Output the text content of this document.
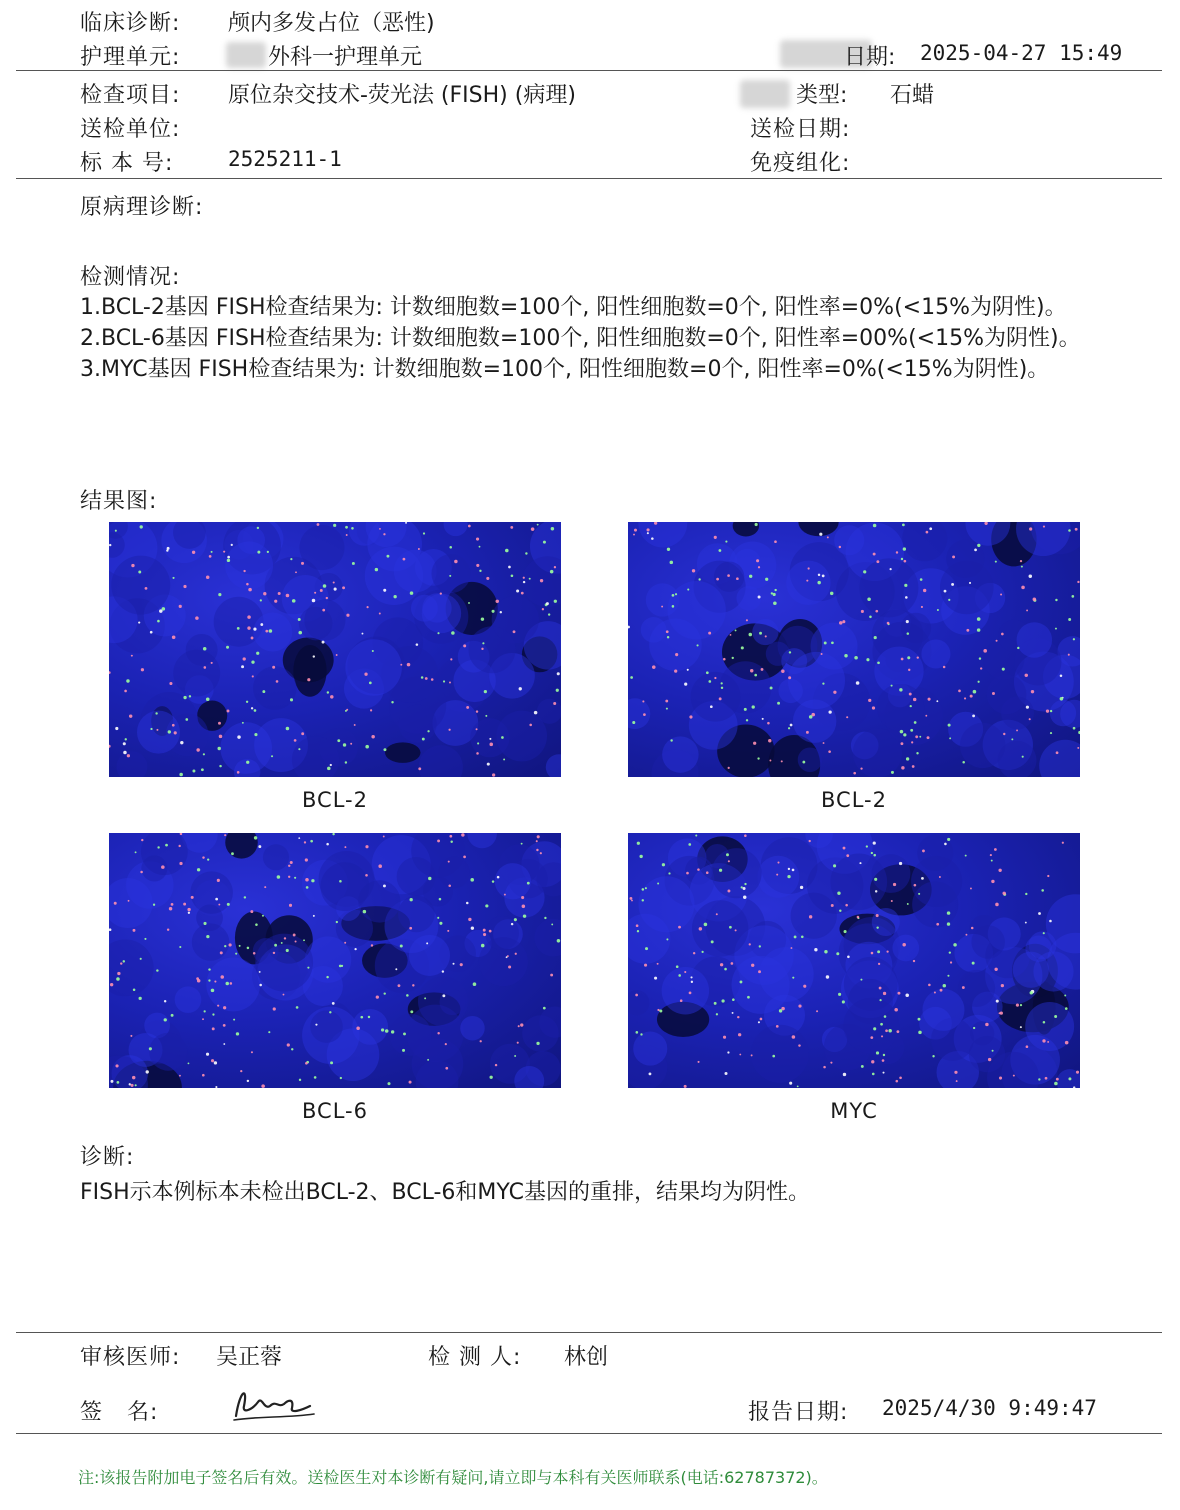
临床诊断: 颅内多发占位（恶性)
护理单元:	外科一护理单元	日期: 2025-04-27 15:49
检查项目: 原位杂交技术-荧光法 (FISH) (病理)	类型: 石蜡
送检单位:	送检日期:
标 本 号:	2525211-1	免疫组化:
原病理诊断:
检测情况:

1.BCL-2基因 FISH检查结果为: 计数细胞数=100个, 阳性细胞数=0个, 阳性率=0%(<15%为阴性)。

2.BCL-6基因 FISH检查结果为: 计数细胞数=100个, 阳性细胞数=0个, 阳性率=00%(<15%为阴性)。

3.MYC基因 FISH检查结果为: 计数细胞数=100个, 阳性细胞数=0个, 阳性率=0%(<15%为阴性)。

结果图:
BCL-2	BCL-2
BCL-6	MYC
诊断:
FISH示本例标本未检出BCL-2、BCL-6和MYC基因的重排，结果均为阴性。
审核医师: 吴正蓉	检 测 人: 林创
签   名:	报告日期: 2025/4/30 9:49:47
注:该报告附加电子签名后有效。送检医生对本诊断有疑问,请立即与本科有关医师联系(电话:62787372)。
